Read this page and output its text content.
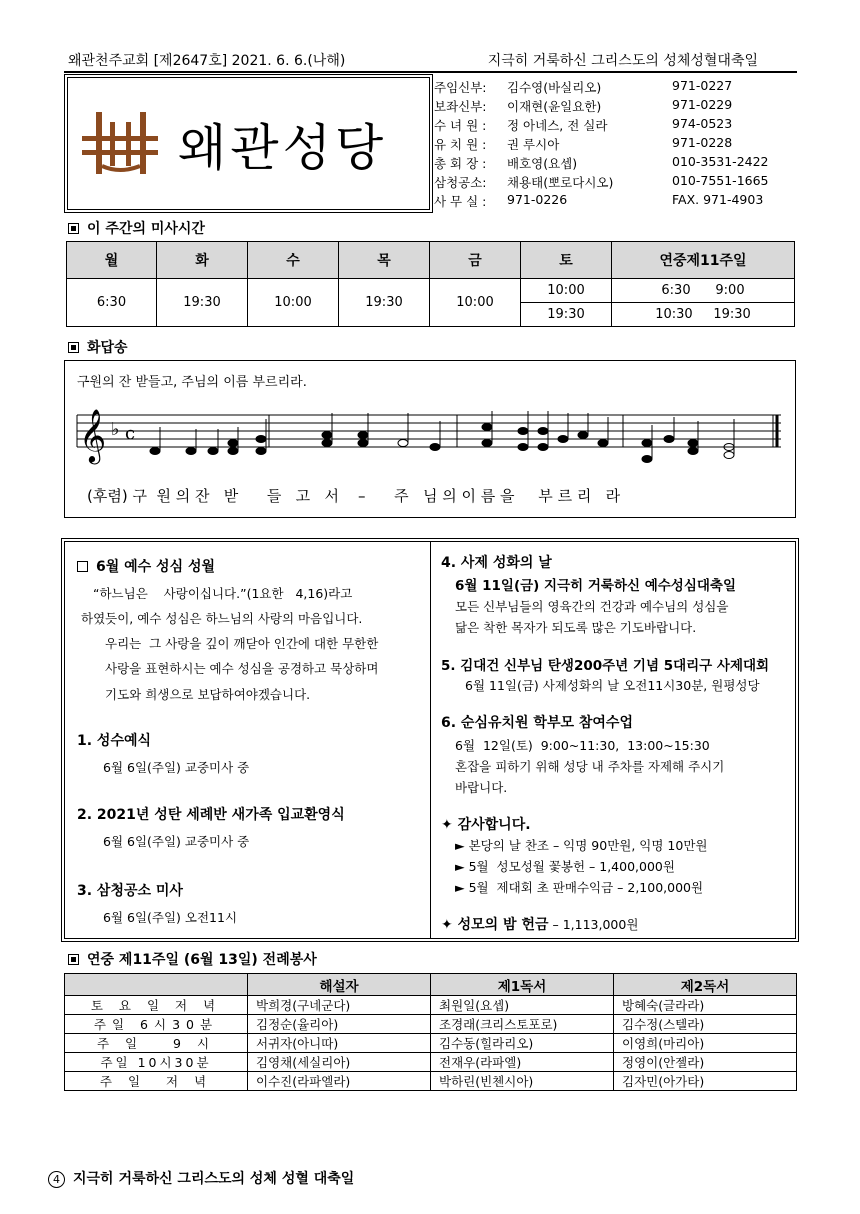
왜관천주교회 [제2647호] 2021. 6. 6.(나해)	지극히 거룩하신 그리스도의 성체성혈대축일
왜관성당
주임신부: 김수영(바실리오)	971-0227
보좌신부: 이재현(윤일요한)	971-0229
수 녀 원 : 정 아네스, 전 실라	974-0523
유 치 원 : 권 루시아	971-0228
총 회 장 : 배호영(요셉)	010-3531-2422
삼청공소: 채용태(뽀로다시오)	010-7551-1665
사 무 실 : 971-0226	FAX. 971-4903
이 주간의 미사시간
월	화	수	목	금	토	연중제11주일
6:30	19:30	10:00	19:30	10:00	10:00	6:30      9:00
					19:30	10:30     19:30
화답송
구원의 잔 받들고, 주님의 이름 부르리라.
𝄞 ♭ c
(후렴) 구  원 의 잔   받      들   고   서    –      주   님 의 이 름 을     부 르 리   라
6월 예수 성심 성월
“하느님은    사랑이십니다.”(1요한   4,16)라고
하였듯이, 예수 성심은 하느님의 사랑의 마음입니다.
우리는  그 사랑을 깊이 깨닫아 인간에 대한 무한한
사랑을 표현하시는 예수 성심을 공경하고 묵상하며
기도와 희생으로 보답하여야겠습니다.
1. 성수예식
6월 6일(주일) 교중미사 중
2. 2021년 성탄 세례반 새가족 입교환영식
6월 6일(주일) 교중미사 중
3. 삼청공소 미사
6월 6일(주일) 오전11시
4. 사제 성화의 날
6월 11일(금) 지극히 거룩하신 예수성심대축일
모든 신부님들의 영육간의 건강과 예수님의 성심을
닮은 착한 목자가 되도록 많은 기도바랍니다.
5. 김대건 신부님 탄생200주년 기념 5대리구 사제대회
6월 11일(금) 사제성화의 날 오전11시30분, 원평성당
6. 순심유치원 학부모 참여수업
6월  12일(토)  9:00~11:30,  13:00~15:30
혼잡을 피하기 위해 성당 내 주차를 자제해 주시기
바랍니다.
✦ 감사합니다.
► 본당의 날 찬조 – 익명 90만원, 익명 10만원
► 5월  성모성월 꽃봉헌 – 1,400,000원
► 5월  제대회 초 판매수익금 – 2,100,000원
✦ 성모의 밤 헌금 – 1,113,000원
연중 제11주일 (6월 13일) 전례봉사
	해설자	제1독서	제2독서
토 요 일 저 녁	박희경(구네군다)	최원일(요셉)	방혜숙(글라라)
주일 6시30분	김정순(율리아)	조경래(크리스토포로)	김수정(스텔라)
주 일   9 시	서귀자(아니따)	김수동(힐라리오)	이영희(마리아)
주일 10시30분	김영채(세실리아)	전재우(라파엘)	정영이(안젤라)
주 일  저 녁	이수진(라파엘라)	박하린(빈첸시아)	김자민(아가타)
4 지극히 거룩하신 그리스도의 성체 성혈 대축일
